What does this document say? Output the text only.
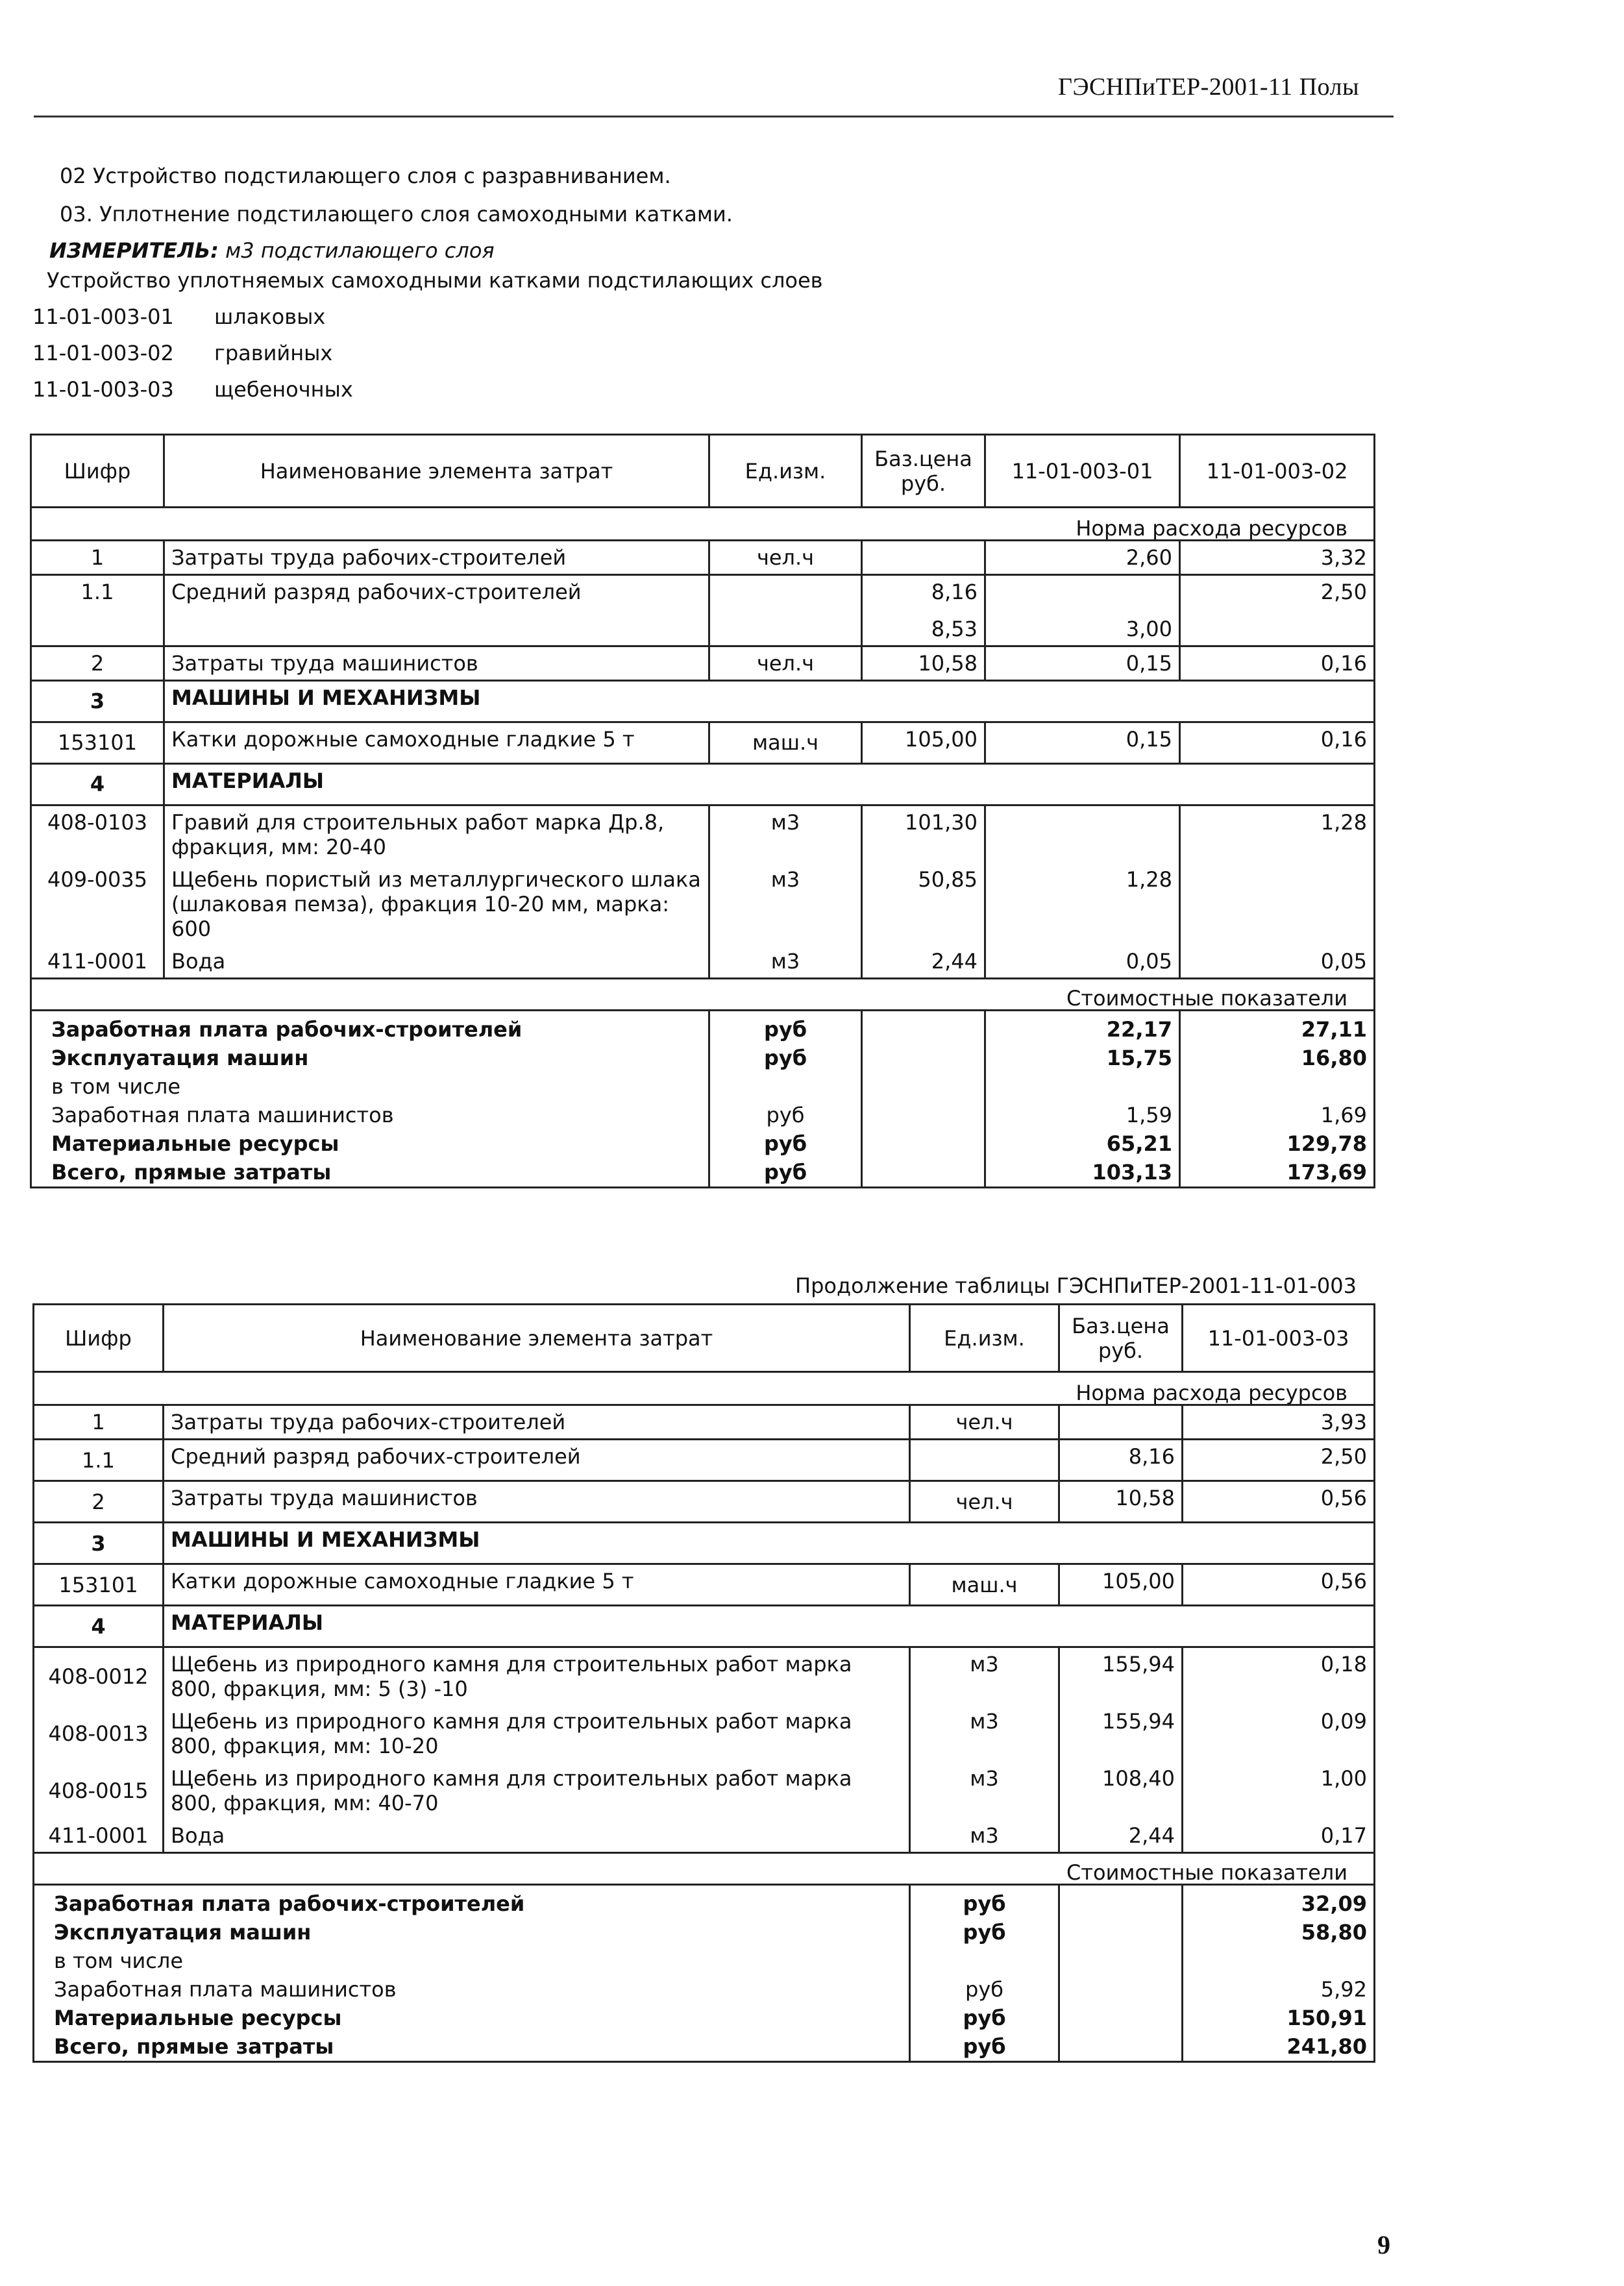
ГЭСНПиТЕР-2001-11 Полы
02 Устройство подстилающего слоя с разравниванием.
03. Уплотнение подстилающего слоя самоходными катками.
ИЗМЕРИТЕЛЬ: м3 подстилающего слоя
Устройство уплотняемых самоходными катками подстилающих слоев
11-01-003-01 шлаковых
11-01-003-02 гравийных
11-01-003-03 щебеночных
Шифр	Наименование элемента затрат	Ед.изм.	Баз.цена руб.	11-01-003-01	11-01-003-02
Норма расхода ресурсов					
1	Затраты труда рабочих-строителей	чел.ч		2,60	3,32
1.1	Средний разряд рабочих-строителей		8,16		2,50
			8,53	3,00	
2	Затраты труда машинистов	чел.ч	10,58	0,15	0,16
3	МАШИНЫ И МЕХАНИЗМЫ				
153101	Катки дорожные самоходные гладкие 5 т	маш.ч	105,00	0,15	0,16
4	МАТЕРИАЛЫ				
408-0103	Гравий для строительных работ марка Др.8, фракция, мм: 20-40	м3	101,30		1,28
409-0035	Щебень пористый из металлургического шлака (шлаковая пемза), фракция 10-20 мм, марка: 600	м3	50,85	1,28	
411-0001	Вода	м3	2,44	0,05	0,05
Стоимостные показатели					
Заработная плата рабочих-строителей		руб		22,17	27,11
Эксплуатация машин		руб		15,75	16,80
в том числе					
Заработная плата машинистов		руб		1,59	1,69
Материальные ресурсы		руб		65,21	129,78
Всего, прямые затраты		руб		103,13	173,69
Продолжение таблицы ГЭСНПиТЕР-2001-11-01-003
Шифр	Наименование элемента затрат	Ед.изм.	Баз.цена руб.	11-01-003-03
Норма расхода ресурсов				
1	Затраты труда рабочих-строителей	чел.ч		3,93
1.1	Средний разряд рабочих-строителей		8,16	2,50
2	Затраты труда машинистов	чел.ч	10,58	0,56
3	МАШИНЫ И МЕХАНИЗМЫ			
153101	Катки дорожные самоходные гладкие 5 т	маш.ч	105,00	0,56
4	МАТЕРИАЛЫ			
408-0012	Щебень из природного камня для строительных работ марка 800, фракция, мм: 5 (3) -10	м3	155,94	0,18
408-0013	Щебень из природного камня для строительных работ марка 800, фракция, мм: 10-20	м3	155,94	0,09
408-0015	Щебень из природного камня для строительных работ марка 800, фракция, мм: 40-70	м3	108,40	1,00
411-0001	Вода	м3	2,44	0,17
Стоимостные показатели				
Заработная плата рабочих-строителей		руб		32,09
Эксплуатация машин		руб		58,80
в том числе				
Заработная плата машинистов		руб		5,92
Материальные ресурсы		руб		150,91
Всего, прямые затраты		руб		241,80
9
